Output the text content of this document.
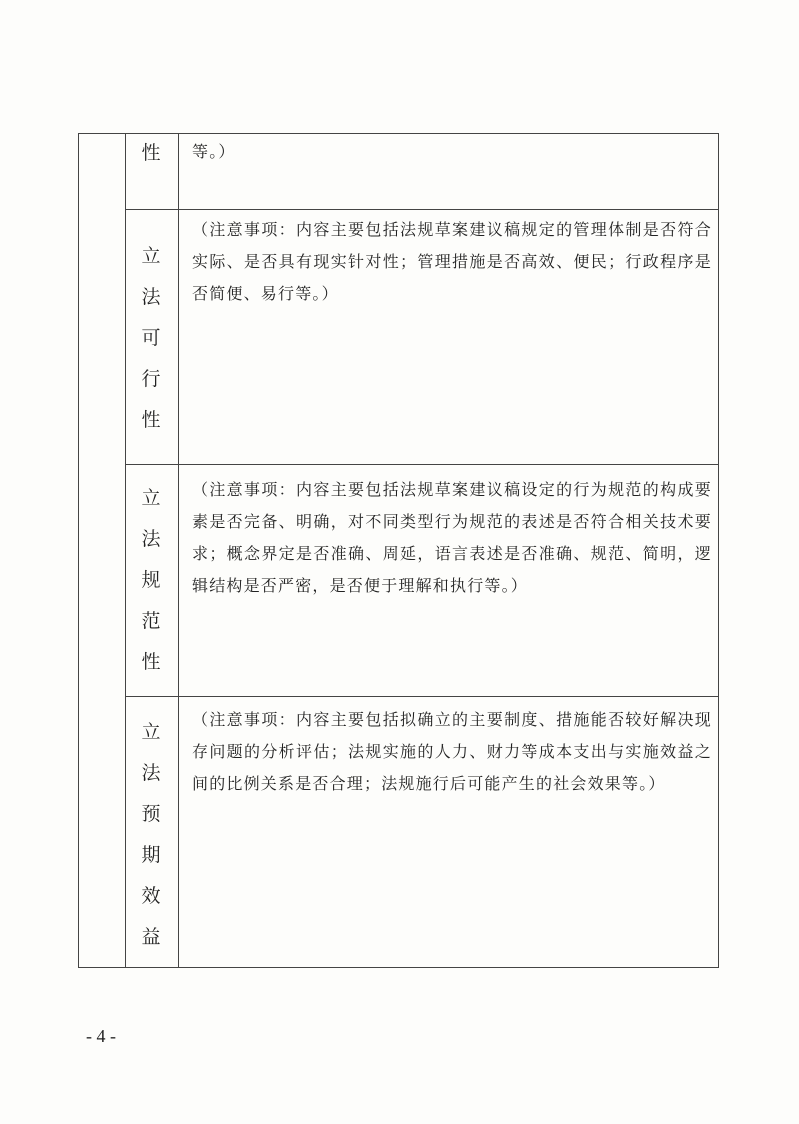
性 等。）
立
法
可
行
性
（注意事项：内容主要包括法规草案建议稿规定的管理体制是否符合实际、是否具有现实针对性；管理措施是否高效、便民；行政程序是否简便、易行等。）
立
法
规
范
性
（注意事项：内容主要包括法规草案建议稿设定的行为规范的构成要素是否完备、明确，对不同类型行为规范的表述是否符合相关技术要求；概念界定是否准确、周延，语言表述是否准确、规范、简明，逻辑结构是否严密，是否便于理解和执行等。）
立
法
预
期
效
益
（注意事项：内容主要包括拟确立的主要制度、措施能否较好解决现存问题的分析评估；法规实施的人力、财力等成本支出与实施效益之间的比例关系是否合理；法规施行后可能产生的社会效果等。）
- 4 -
